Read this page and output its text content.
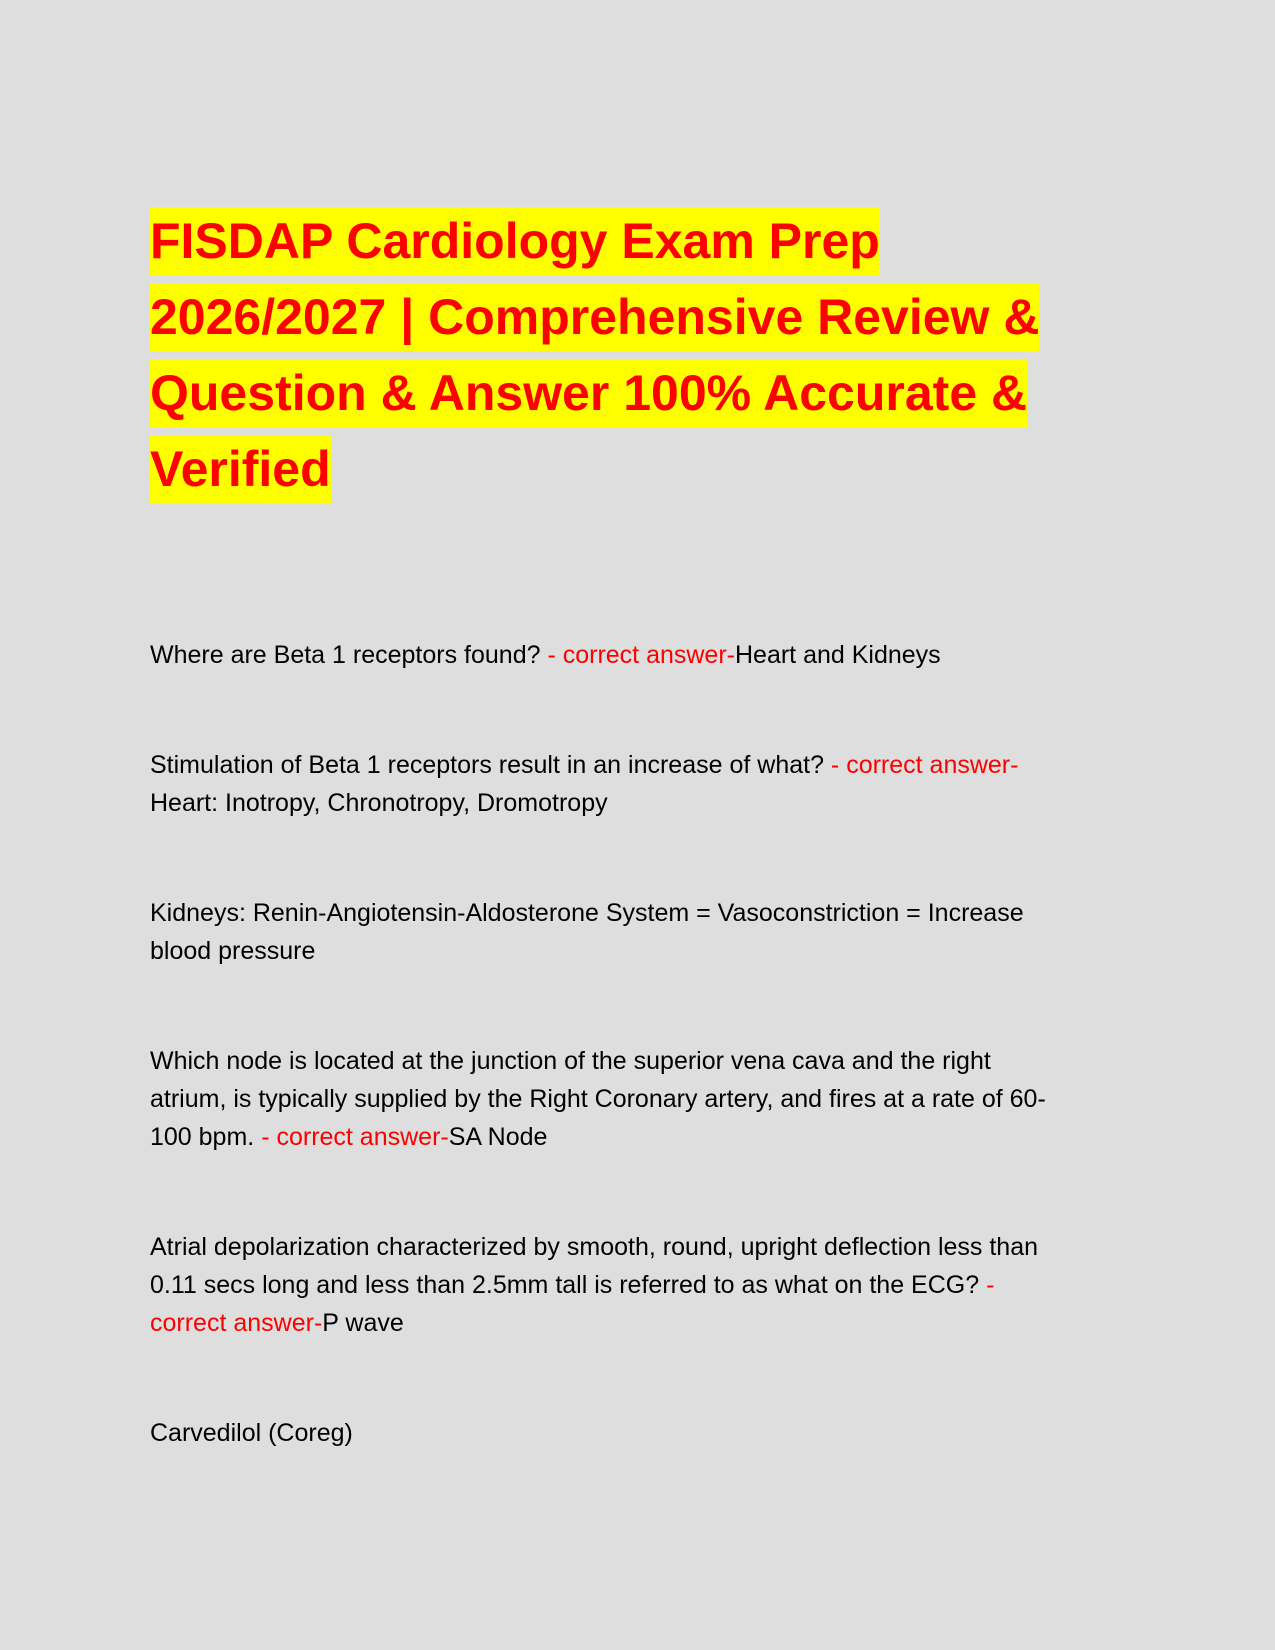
FISDAP Cardiology Exam Prep
2026/2027 | Comprehensive Review &
Question & Answer 100% Accurate &
Verified
Where are Beta 1 receptors found? - correct answer-Heart and Kidneys
Stimulation of Beta 1 receptors result in an increase of what? - correct answer-
Heart: Inotropy, Chronotropy, Dromotropy
Kidneys: Renin-Angiotensin-Aldosterone System = Vasoconstriction = Increase
blood pressure
Which node is located at the junction of the superior vena cava and the right
atrium, is typically supplied by the Right Coronary artery, and fires at a rate of 60-
100 bpm. - correct answer-SA Node
Atrial depolarization characterized by smooth, round, upright deflection less than
0.11 secs long and less than 2.5mm tall is referred to as what on the ECG? -
correct answer-P wave
Carvedilol (Coreg)
